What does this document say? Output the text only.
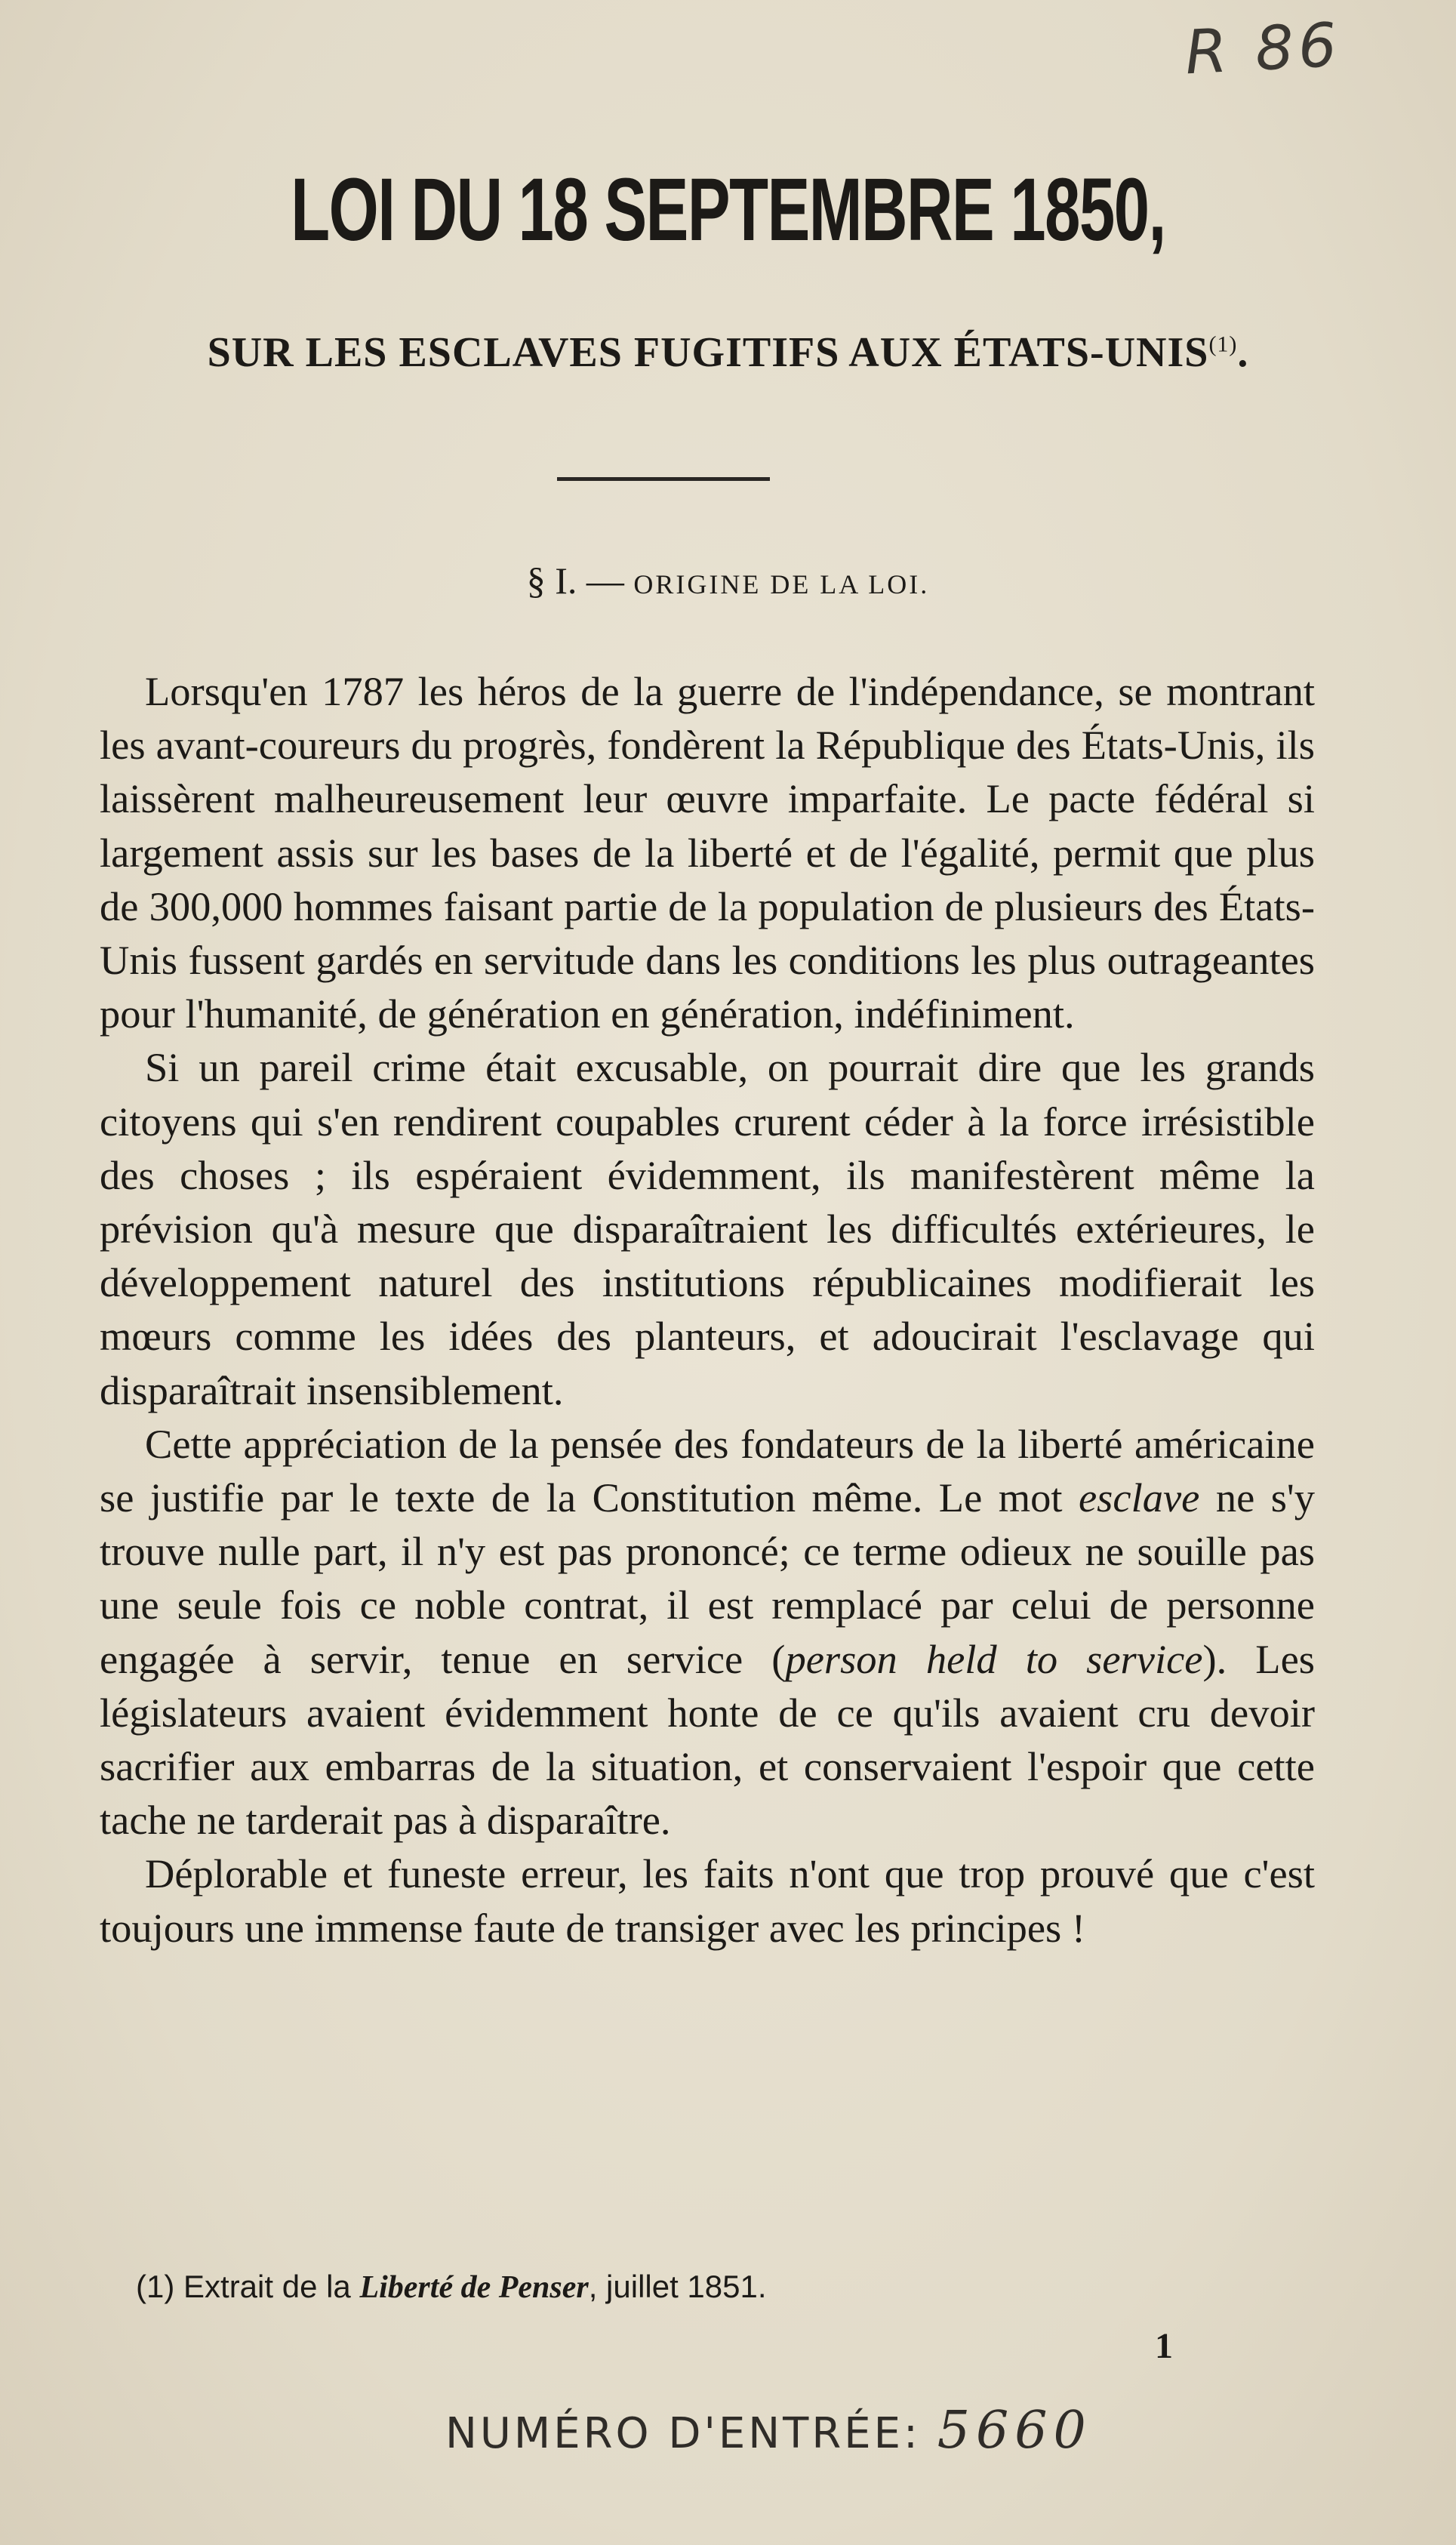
R 86
LOI DU 18 SEPTEMBRE 1850,
SUR LES ESCLAVES FUGITIFS AUX ÉTATS-UNIS$^{(1)}$.
§ I. — ORIGINE DE LA LOI.

Lorsqu'en 1787 les héros de la guerre de l'indépendance, se montrant les avant-coureurs du progrès, fondèrent la République des États-Unis, ils laissèrent malheureusement leur œuvre imparfaite. Le pacte fédéral si largement assis sur les bases de la liberté et de l'égalité, permit que plus de 300,000 hommes faisant partie de la population de plusieurs des États-Unis fussent gardés en servitude dans les conditions les plus outrageantes pour l'humanité, de génération en génération, indéfiniment.

Si un pareil crime était excusable, on pourrait dire que les grands citoyens qui s'en rendirent coupables crurent céder à la force irrésistible des choses ; ils espéraient évidemment, ils manifestèrent même la prévision qu'à mesure que disparaîtraient les difficultés extérieures, le développement naturel des institutions républicaines modifierait les mœurs comme les idées des planteurs, et adoucirait l'esclavage qui disparaîtrait insensiblement.

Cette appréciation de la pensée des fondateurs de la liberté américaine se justifie par le texte de la Constitution même. Le mot esclave ne s'y trouve nulle part, il n'y est pas prononcé; ce terme odieux ne souille pas une seule fois ce noble contrat, il est remplacé par celui de personne engagée à servir, tenue en service (person held to service). Les législateurs avaient évidemment honte de ce qu'ils avaient cru devoir sacrifier aux embarras de la situation, et conservaient l'espoir que cette tache ne tarderait pas à disparaître.

Déplorable et funeste erreur, les faits n'ont que trop prouvé que c'est toujours une immense faute de transiger avec les principes !

(1) Extrait de la Liberté de Penser, juillet 1851.
1
NUMÉRO D'ENTRÉE: 5660
